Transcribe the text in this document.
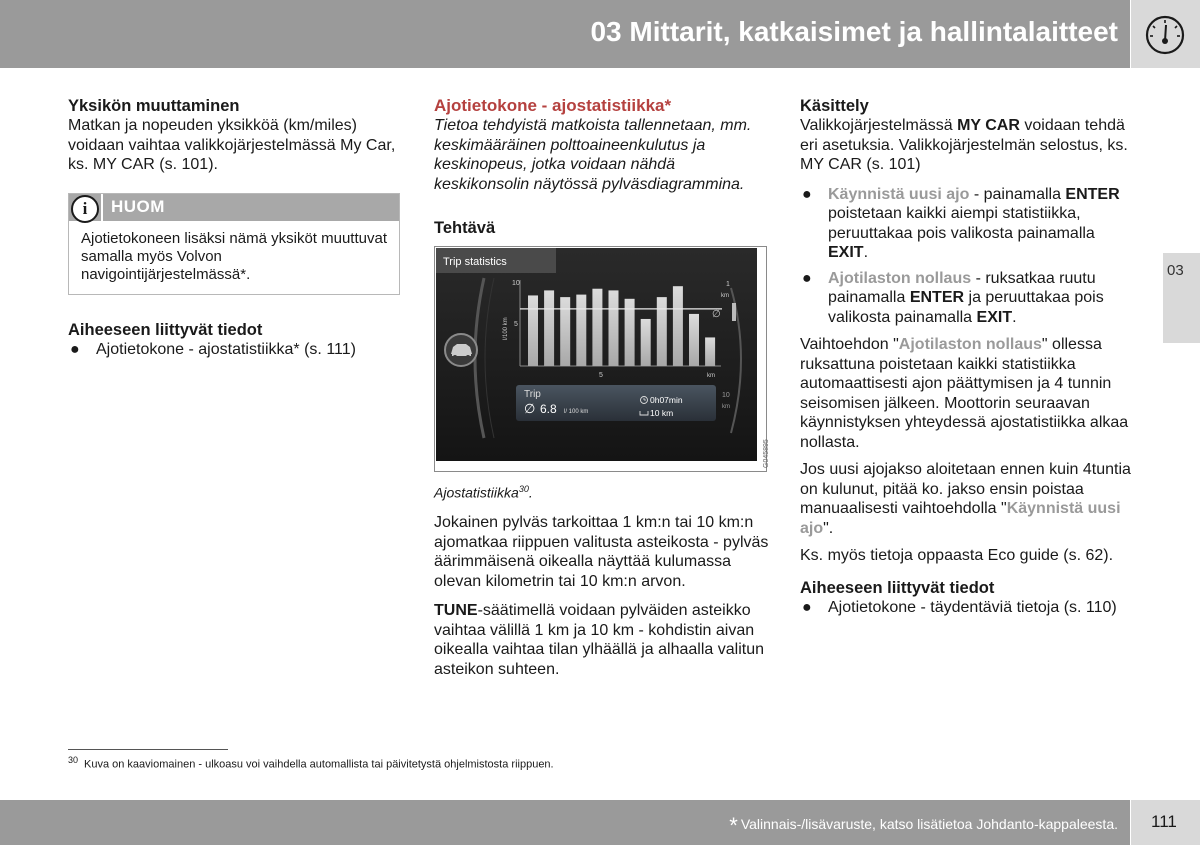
03 Mittarit, katkaisimet ja hallintalaitteet
03
Yksikön muuttaminen

Matkan ja nopeuden yksikköä (km/miles) voidaan vaihtaa valikkojärjestelmässä My Car, ks. MY CAR (s. 101).

i	HUOM
Ajotietokoneen lisäksi nämä yksiköt muuttuvat samalla myös Volvon navigointijärjestelmässä*.
Aiheeseen liittyvät tiedot
● Ajotietokone - ajostatistiikka* (s. 111)
Ajotietokone - ajostatistiikka*

Tietoa tehdyistä matkoista tallennetaan, mm. keskimääräinen polttoaineenkulutus ja keskinopeus, jotka voidaan nähdä keskikonsolin näytössä pylväsdiagrammina.

Tehtävä
Trip statistics
10
5
l/100 km
5	km
1
km
10
km
Trip
∅ 6.8 l/ 100 km
0h07min
10 km
∅
G045895
Ajostatistiikka$^{30}$.

Jokainen pylväs tarkoittaa 1 km:n tai 10 km:n ajomatkaa riippuen valitusta asteikosta - pylväs äärimmäisenä oikealla näyttää kulumassa olevan kilometrin tai 10 km:n arvon.

TUNE-säätimellä voidaan pylväiden asteikko vaihtaa välillä 1 km ja 10 km - kohdistin aivan oikealla vaihtaa tilan ylhäällä ja alhaalla valitun asteikon suhteen.

Käsittely

Valikkojärjestelmässä MY CAR voidaan tehdä eri asetuksia. Valikkojärjestelmän selostus, ks. MY CAR (s. 101)

● Käynnistä uusi ajo - painamalla ENTER poistetaan kaikki aiempi statistiikka, peruuttakaa pois valikosta painamalla EXIT.
● Ajotilaston nollaus - ruksatkaa ruutu painamalla ENTER ja peruuttakaa pois valikosta painamalla EXIT.

Vaihtoehdon "Ajotilaston nollaus" ollessa ruksattuna poistetaan kaikki statistiikka automaattisesti ajon päättymisen ja 4 tunnin seisomisen jälkeen. Moottorin seuraavan käynnistyksen yhteydessä ajostatistiikka alkaa nollasta.

Jos uusi ajojakso aloitetaan ennen kuin 4tuntia on kulunut, pitää ko. jakso ensin poistaa manuaalisesti vaihtoehdolla "Käynnistä uusi ajo".

Ks. myös tietoja oppaasta Eco guide (s. 62).

Aiheeseen liittyvät tiedot
● Ajotietokone - täydentäviä tietoja (s. 110)
$^{30}$ Kuva on kaaviomainen - ulkoasu voi vaihdella automallista tai päivitetystä ohjelmistosta riippuen.
* Valinnais-/lisävaruste, katso lisätietoa Johdanto-kappaleesta. 111
